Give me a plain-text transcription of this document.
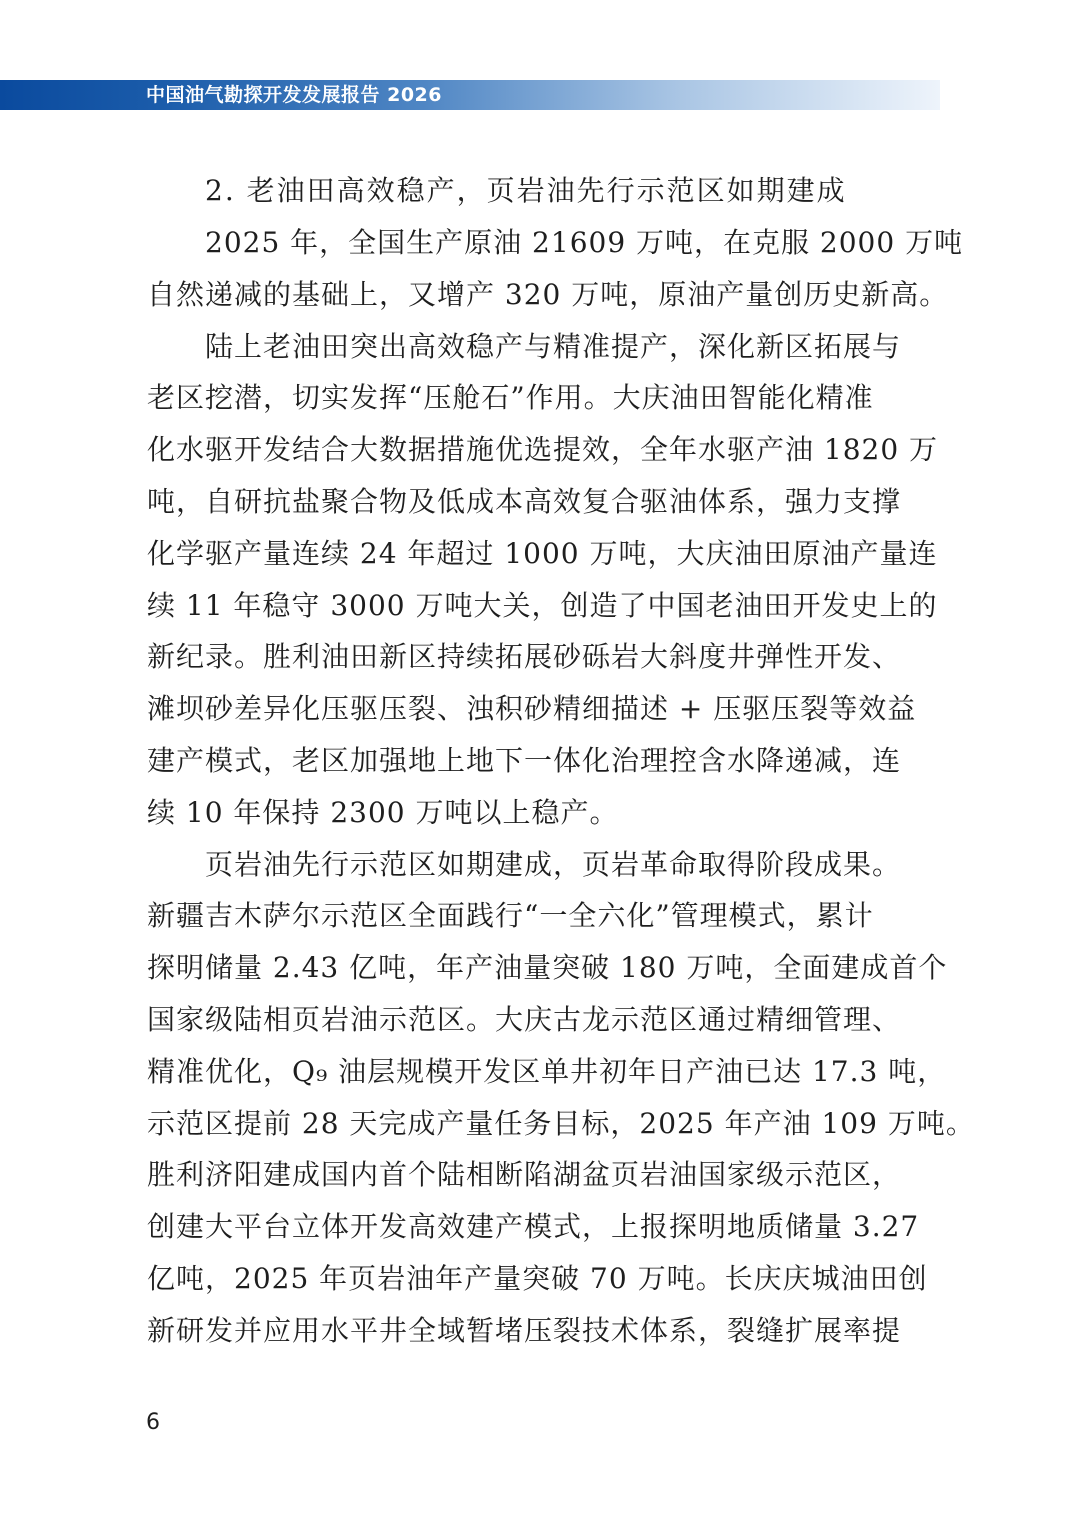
中国油气勘探开发发展报告 2026
2. 老油田高效稳产，页岩油先行示范区如期建成
2025 年，全国生产原油 21609 万吨，在克服 2000 万吨
自然递减的基础上，又增产 320 万吨，原油产量创历史新高。
陆上老油田突出高效稳产与精准提产，深化新区拓展与
老区挖潜，切实发挥“压舱石”作用。大庆油田智能化精准
化水驱开发结合大数据措施优选提效，全年水驱产油 1820 万
吨，自研抗盐聚合物及低成本高效复合驱油体系，强力支撑
化学驱产量连续 24 年超过 1000 万吨，大庆油田原油产量连
续 11 年稳守 3000 万吨大关，创造了中国老油田开发史上的
新纪录。胜利油田新区持续拓展砂砾岩大斜度井弹性开发、
滩坝砂差异化压驱压裂、浊积砂精细描述 + 压驱压裂等效益
建产模式，老区加强地上地下一体化治理控含水降递减，连
续 10 年保持 2300 万吨以上稳产。
页岩油先行示范区如期建成，页岩革命取得阶段成果。
新疆吉木萨尔示范区全面践行“一全六化”管理模式，累计
探明储量 2.43 亿吨，年产油量突破 180 万吨，全面建成首个
国家级陆相页岩油示范区。大庆古龙示范区通过精细管理、
精准优化，Q₉ 油层规模开发区单井初年日产油已达 17.3 吨，
示范区提前 28 天完成产量任务目标，2025 年产油 109 万吨。
胜利济阳建成国内首个陆相断陷湖盆页岩油国家级示范区，
创建大平台立体开发高效建产模式，上报探明地质储量 3.27
亿吨，2025 年页岩油年产量突破 70 万吨。长庆庆城油田创
新研发并应用水平井全域暂堵压裂技术体系，裂缝扩展率提
6
